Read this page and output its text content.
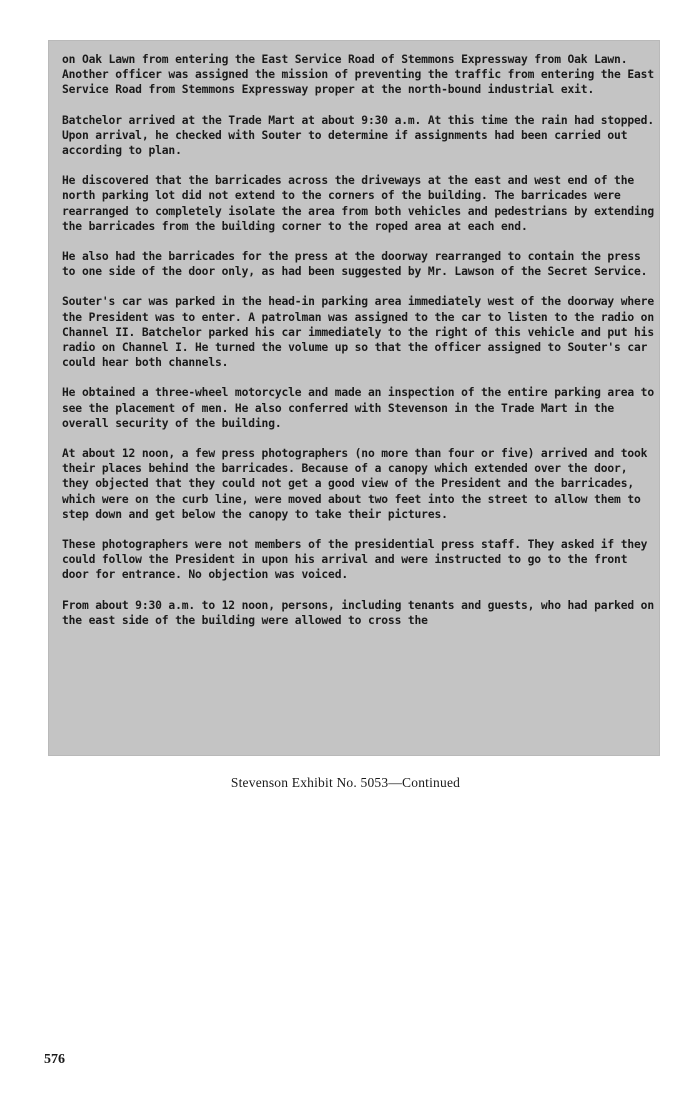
on Oak Lawn from entering the East Service Road of Stemmons Expressway from Oak Lawn. Another officer was assigned the mission of preventing the traffic from entering the East Service Road from Stemmons Expressway proper at the north-bound industrial exit.

Batchelor arrived at the Trade Mart at about 9:30 a.m. At this time the rain had stopped. Upon arrival, he checked with Souter to determine if assignments had been carried out according to plan.

He discovered that the barricades across the driveways at the east and west end of the north parking lot did not extend to the corners of the building. The barricades were rearranged to completely isolate the area from both vehicles and pedestrians by extending the barricades from the building corner to the roped area at each end.

He also had the barricades for the press at the doorway rearranged to contain the press to one side of the door only, as had been suggested by Mr. Lawson of the Secret Service.

Souter's car was parked in the head-in parking area immediately west of the doorway where the President was to enter. A patrolman was assigned to the car to listen to the radio on Channel II. Batchelor parked his car immediately to the right of this vehicle and put his radio on Channel I. He turned the volume up so that the officer assigned to Souter's car could hear both channels.

He obtained a three-wheel motorcycle and made an inspection of the entire parking area to see the placement of men. He also conferred with Stevenson in the Trade Mart in the overall security of the building.

At about 12 noon, a few press photographers (no more than four or five) arrived and took their places behind the barricades. Because of a canopy which extended over the door, they objected that they could not get a good view of the President and the barricades, which were on the curb line, were moved about two feet into the street to allow them to step down and get below the canopy to take their pictures.

These photographers were not members of the presidential press staff. They asked if they could follow the President in upon his arrival and were instructed to go to the front door for entrance. No objection was voiced.

From about 9:30 a.m. to 12 noon, persons, including tenants and guests, who had parked on the east side of the building were allowed to cross the

Stevenson Exhibit No. 5053—Continued
576
